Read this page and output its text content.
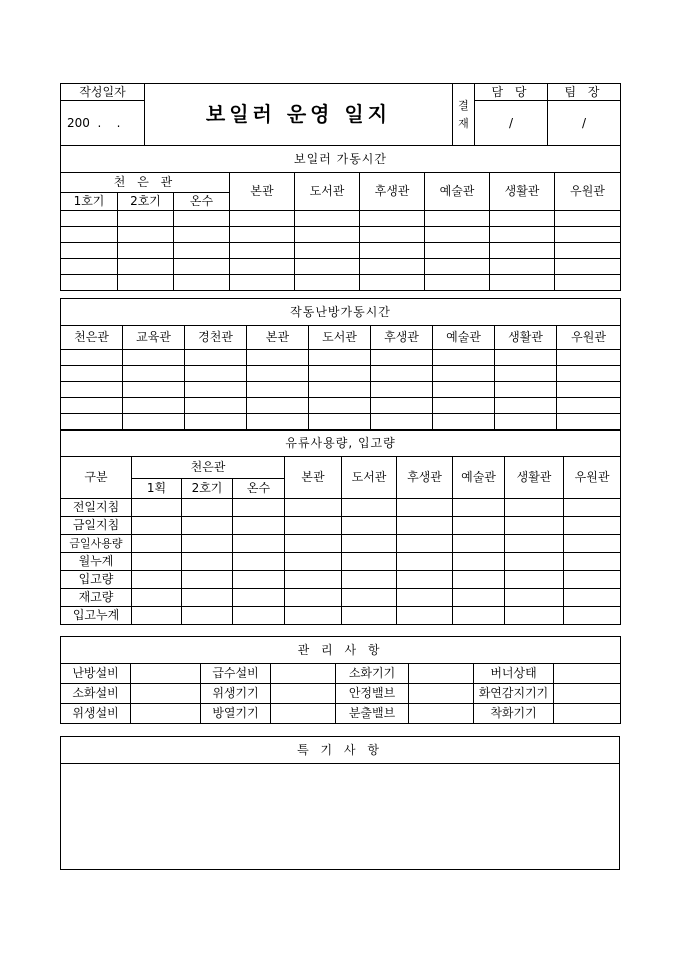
작성일자	보일러 운영 일지	결
재	담 당	팀 장
200  .    .			/	/
보일러 가동시간								
천 은 관			본관	도서관	후생관	예술관	생활관	우원관
1호기	2호기	온수						

작동난방가동시간								
천은관	교육관	경천관	본관	도서관	후생관	예술관	생활관	우원관

유류사용량, 입고량									
구분	천은관			본관	도서관	후생관	예술관	생활관	우원관
	1획	2호기	온수						
전일지침									
금일지침									
금일사용량									
월누계									
입고량									
재고량									
입고누계									
관 리 사 항							
난방설비		급수설비		소화기기		버너상태	
소화설비		위생기기		안정밸브		화연감지기기	
위생설비		방열기기		분출밸브		착화기기	
특 기 사 항
